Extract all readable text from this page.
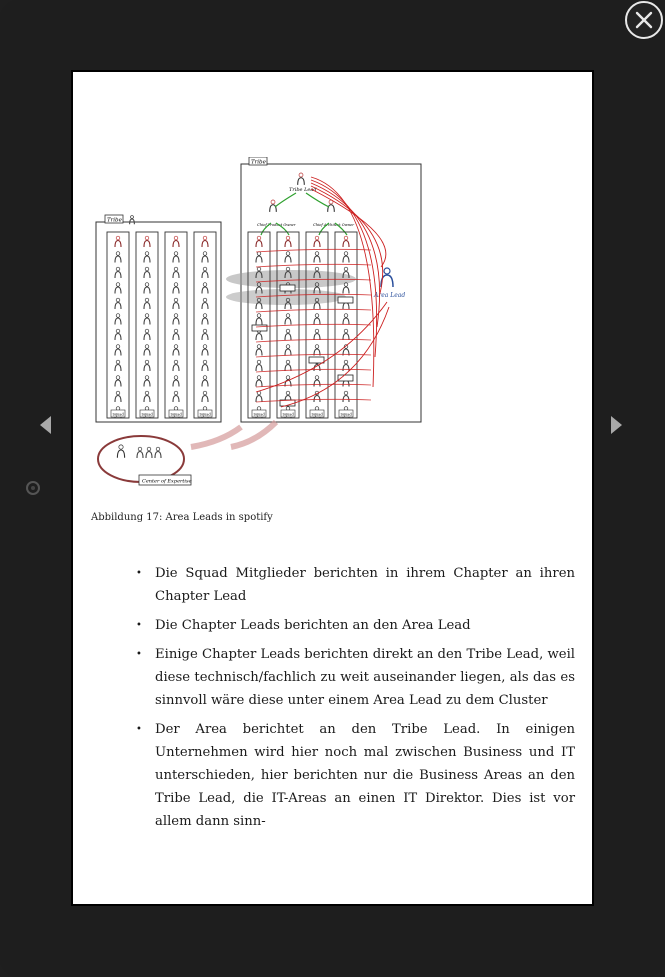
Tribe
Squad	Squad	Squad	Squad
Tribe
Tribe Lead
Chief Product Owner	Chief Architect Owner
Squad	Squad	Squad	Squad
Area Lead
Center of Expertise
Abbildung 17: Area Leads in spotify
• Die Squad Mitglieder berichten in ihrem Chapter an ihren Chapter Lead
• Die Chapter Leads berichten an den Area Lead
• Einige Chapter Leads berichten direkt an den Tribe Lead, weil diese technisch/fachlich zu weit auseinander liegen, als das es sinnvoll wäre diese unter einem Area Lead zu dem Cluster
• Der Area berichtet an den Tribe Lead. In einigen Unternehmen wird hier noch mal zwischen Business und IT unterschieden, hier berichten nur die Business Areas an den Tribe Lead, die IT-Areas an einen IT Direktor. Dies ist vor allem dann sinn-
